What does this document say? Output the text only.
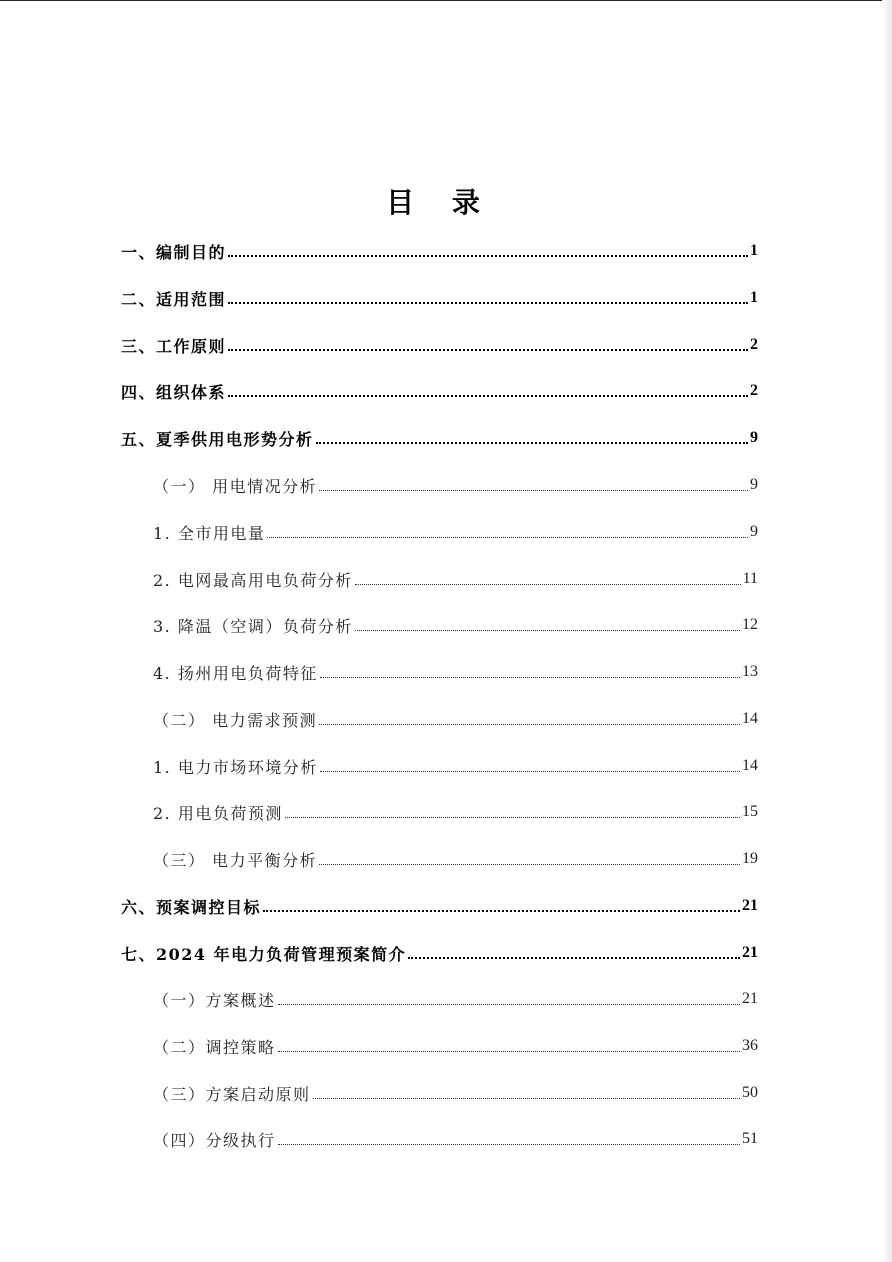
目 录
一、编制目的	1
二、适用范围	1
三、工作原则	2
四、组织体系	2
五、夏季供用电形势分析	9
（一） 用电情况分析	9
1. 全市用电量	9
2. 电网最高用电负荷分析	11
3. 降温（空调）负荷分析	12
4. 扬州用电负荷特征	13
（二） 电力需求预测	14
1. 电力市场环境分析	14
2. 用电负荷预测	15
（三） 电力平衡分析	19
六、预案调控目标	21
七、2024 年电力负荷管理预案简介	21
（一）方案概述	21
（二）调控策略	36
（三）方案启动原则	50
（四）分级执行	51
